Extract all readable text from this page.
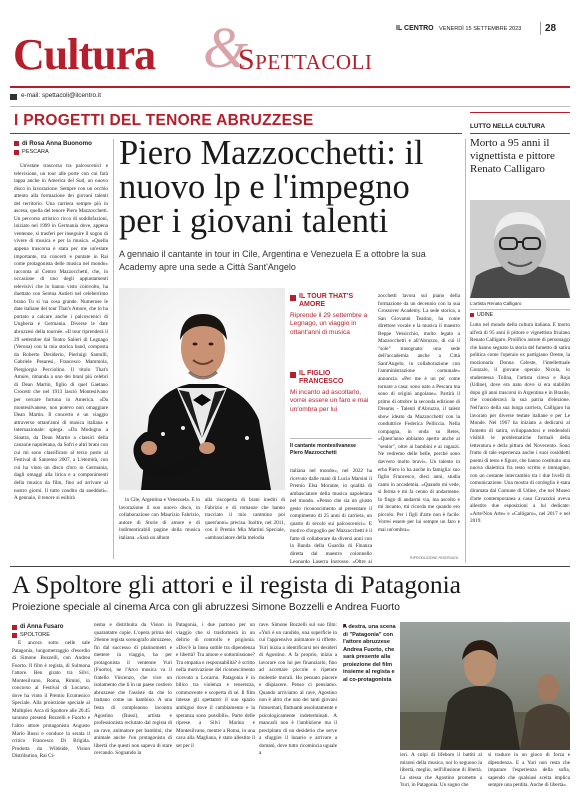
Cultura &
Spettacoli
IL CENTRO VENERDÌ 15 SETTEMBRE 2023 28
e-mail: spettacoli@ilcentro.it
I PROGETTI DEL TENORE ABRUZZESE
di Rosa Anna Buonomo
PESCARA

Un'estate trascorsa tra palcoscenici e televisione, un tour alle porte con cui farà tappa anche in America del Sud, un nuovo disco in lavorazione. Sempre con un occhio attento alla formazione dei giovani talenti del territorio. Una carriera sempre più in ascesa, quella del tenore Piero Mazzocchetti. Un percorso artistico ricco di soddisfazioni, iniziato nel 1999 in Germania dove, appena ventenne, si trasferì per inseguire il sogno di vivere di musica e per la musica. «Quella appena trascorsa è stata per me un'estate importante, tra concerti e puntate in Rai come protagonista delle musica nel mondo» racconta al Centro Mazzocchetti, che, in occasione di uno degli appuntamenti televisivi che lo hanno visto coinvolto, ha duettato con Serena Autieri nel celeberrimo brano Tu si 'na cosa grande. Numerose le date italiane del tour That's Amore, che lo ha portato a calcare anche i palcoscenici di Ungheria e Germania. Diverse le date abruzzesi della tournée. «Il tour riprenderà il 29 settembre dal Teatro Salieri di Legnago (Verona) con la mia storica band, composta da Roberto Desiderio, Pierluigi Santulli, Gabriele Pesaresi, Francesco Mammola, Piergiorgio Pecciolino. Il titolo That's Amore, rimanda a uno dei brani più celebri di Dean Martin, figlio di quel Gaetano Crocetti che nel 1913 lasciò Montesilvano per cercare fortuna in America. «Da montesilvanese, non potevo non omaggiare Dean Martin. Il concerto è un viaggio attraverso ottant'anni di musica italiana e internazionale: spiega. «Da Modugno a Sinatra, da Dean Martin a classici della canzone napoletana, da Sofri e altri brani con cui mi sono classificato al terzo posto al Festival di Sanremo 2007, a L'eternità, con cui ha vinto un disco d'oro in Germania, dagli omaggi alla lirica e a componimenti della musica da film, fino ad arrivare al nostro giorni. Il tutto condito da aneddoti». A gennaio, il tenore si esibirà

Piero Mazzocchetti: il nuovo lp e l'impegno per i giovani talenti
A gennaio il cantante in tour in Cile, Argentina e Venezuela E a ottobre la sua Academy apre una sede a Città Sant'Angelo
IL TOUR THAT'S AMORE
Riprende il 29 settembre a Legnago, un viaggio in ottant'anni di musica
IL FIGLIO FRANCESCO
Mi incanto ad ascoltarlo, vorrei essere un faro e mai un'ombra per lui
Il cantante montesilvanese Piero Mazzocchetti

in Cile, Argentina e Venezuela. È in lavorazione il suo nuovo disco, in collaborazione con Maurizio Fabrizio, autore di Storie di amore e di indimenticabili pagine della musica italiana. «Sarà un album

alla riscoperta di brani inediti di Fabrizio e di romanze che hanno tracciato il mio cammino poi quest'anni» precisa. Inoltre, nel 2011, con il Premio Mia Martini Speciale, «ambasciatore della melodia

italiana nel mondo», nel 2022 ha ricevuto dalle mani di Lucia Marsini il Premio Elsa Morante, in qualità di ambasciatore della musica napoletana nel mondo. «Penso che sia un giusto gesto riconoscimento al presentare il compimento di 25 anni di carriera, un quarto di secolo sui palcoscenici». E motivo d'orgoglio per Mazzocchetti è il fatto di collaborare da diversi anni con la Banda della Guardia di Finanza diretta dal maestro colonnello Leonardo Laserra Ingrosso. «Oltre ai

zocchetti lavora sul piano della formazione da un decennio con la sua Crossover Academy. La sede storica, a San Giovanni Teatino, ha come direttore vocale e la musica il maestro Beppe Vessicchio, molto legato a Mazzocchetti e all'Abruzzo, di cui il "sole" trasognato: una sede dell'accademia anche a Città Sant'Angelo, in collaborazione con l'amministrazione comunale» annuncia. «Per me è un po' come tornare a casa: sono nato a Pescara ma sono di origini angolane». Partirà il primo di ottobre la seconda edizione di Dreams - Talenti d'Abruzzo, il talent show ideato da Mazzocchetti con la conduttrice Federica Pelliccia. Nella compagna, in onda su Retes, «Quest'anno abbiamo aperto anche ai "senior", oltre ai bambini e ai ragazzi. Ne vedremo delle belle, perché sono davvero molto bravi». Un talento in erba Piero lo ha anche in famiglia: suo figlio Francesco, dieci anni, studia canto in accademia. «Quando mi vede, si ferma e mi fa cenno di andarmene. Io fingo di andarmi via, ma ascolto e mi incanto, mi ricorda me quando ero piccolo. Per i figli d'arte non è facile. Vorrei essere per lui sempre un faro e mai un'ombra».

RIPRODUZIONE RISERVATA
LUTTO NELLA CULTURA
Morto a 95 anni il vignettista e pittore Renato Calligaro
L'artista Renato Calligaro
UDINE

Lutto nel mondo della cultura italiana. È morto all'età di 95 anni il pittore e vignettista friulano Renato Calligaro. Prolifico autore di personaggi che hanno segnato la storia del fumetto di satira politica come l'operaio ex partigiano Oreste, la mozionaria Donna Celeste, l'intellettuale Gonzalo, il giovane operaio Nicola, lo studentessa Tolina, l'artista ciresa e Roja (Udine), dove era nato dove si era stabilito dopo gli anni trascorsi in Argentina e in Brasile, che consideravà la sua patria d'elezione. Nell'arco della sua lunga carriera, Calligaro ha lavorato per diverse testate italiane e per Le Monde. Nel 1967 ha iniziato a dedicarsi al fumetto di satira, sviluppandosi e rendendoli visibili le problematiche formali della letteratura e della pittura del Novecento. Sono frutto di tale esperienza anche i suoi cosiddetti poemi di testo e figure, che hanno costituito una nuova dialettica fra testo scritto e immagine, con un costante intercambio tra i due livelli di comunicazione. Una mostra di cordoglio è stata diramata dal Comune di Udine, che nel Museo d'arte contemporanea a casa Cavazzini aveva allestito due esposizioni a lui dedicate: «Arte/Non Arte» e «Calligaro», nel 2017 e nel 2019.

A Spoltore gli attori e il regista di Patagonia
Proiezione speciale al cinema Arca con gli abruzzesi Simone Bozzelli e Andrea Fuorto
di Anna Fusaro
SPOLTORE

È ancora sotto nelle sale Patagonia, lungometraggio d'esordio di Simone Bozzelli, con Andrea Fuorto. Il film è regista, di Sulmona l'attore. Ben girato tra Silvi, Montesilvano, Roma, Rimini, in concorso al Festival di Locarno, dove ha vinto il Premio Ecumenico Speciale. Alla proiezione speciale al Multiplex Arca di Spoltore alle 20.45 saranno presenti Bozzelli e Fuorto e l'altro attore protagonista Augusto Mario Russi e conduce la serata il critico Francesco Di Brigida. Prodotta da Wildside, Vision Distribution, Rai Ci-

nema e distribuita da Vision in quarantatre copie. L'opera prima del 26enne regista scenografo abruzzese, fin dal successo di platinometri e mettere in viaggio, ha per protagonista il ventenne Yuri (Fuorto), ne l'Arco musica va il fratello Vincenzo, che vive un isolamento che li in un paese costiero abruzzese che l'assiste da che lo trattano come un bambino. A una festa di compleanno incontra Agostino (Russi), artista e professionista reclutato dal regista di un rave, animatore per bambini, che animale anche l'un protagonista di libertà che questi non sapeva di stare cercando. Sognando la

Patagonia, i due partono per un viaggio che si trasformerà in un delirio di controllo e prigionia. «Dov'è la linea sottile tra dipendenza e libertà? Tra amore e sottomissione? Tra empatia e responsabilità? è scritto nella motivazione del riconoscimento ricevuto a Locarno. Patagonia è in bilico tra violenza e tenerezza, commovente e scoperta di sé. Il film intesse gli spettatori il suo spazio ambiguo dove il cambiamento e la speranza sono possibili». Parte delle riprese a Silvi Marina e Montesilvano, mentre a Roma, in una cava alla Magliana, è stato allestito il set per il

rave. Simone Bozzelli sul suo film: «Yuri è un candido, una superficie in cui l'apprensivo animatore si riflette. Yuri inizia a identificarsi nei desideri di Agostino. A fa proprio, inizia a lavorare con lui per finanziarlo, fino ad accettare piccole e ripetute molestie morali. Ho pensato piacere e dispiacere. Penso ci pensiamo. Quando arriviamo al rave, Agostino non è altro che uno dei tanti giovani fotosemati, fluttuanti assolutamente e psicologicamente indeterminati. A mancarli non è l'ambizione ma il precipitato di un desiderio che serve a sfuggire il lunario e arrivare a domani, dove tutto ricomincia uguale a

A destra, una scena di "Patagonia" con l'attore abruzzese Andrea Fuorto, che sarà presente alla proiezione del film insieme al regista e al co-protagonista

ieri. A colpi di lifebom il battiti al mirarsi della musica, noi lo seguono la libertà, meglio, nell'illusione di libertà. La stessa che Agostino promette a Yuri, in Patagonia. Un sogno che

si traduce in un gioco di forza e dipendenza. E a Yuri non resta che imparare l'esperienza della sofia, sapendo che qualsiasi scelta implica sempre una perdita. Anche di libertà».
